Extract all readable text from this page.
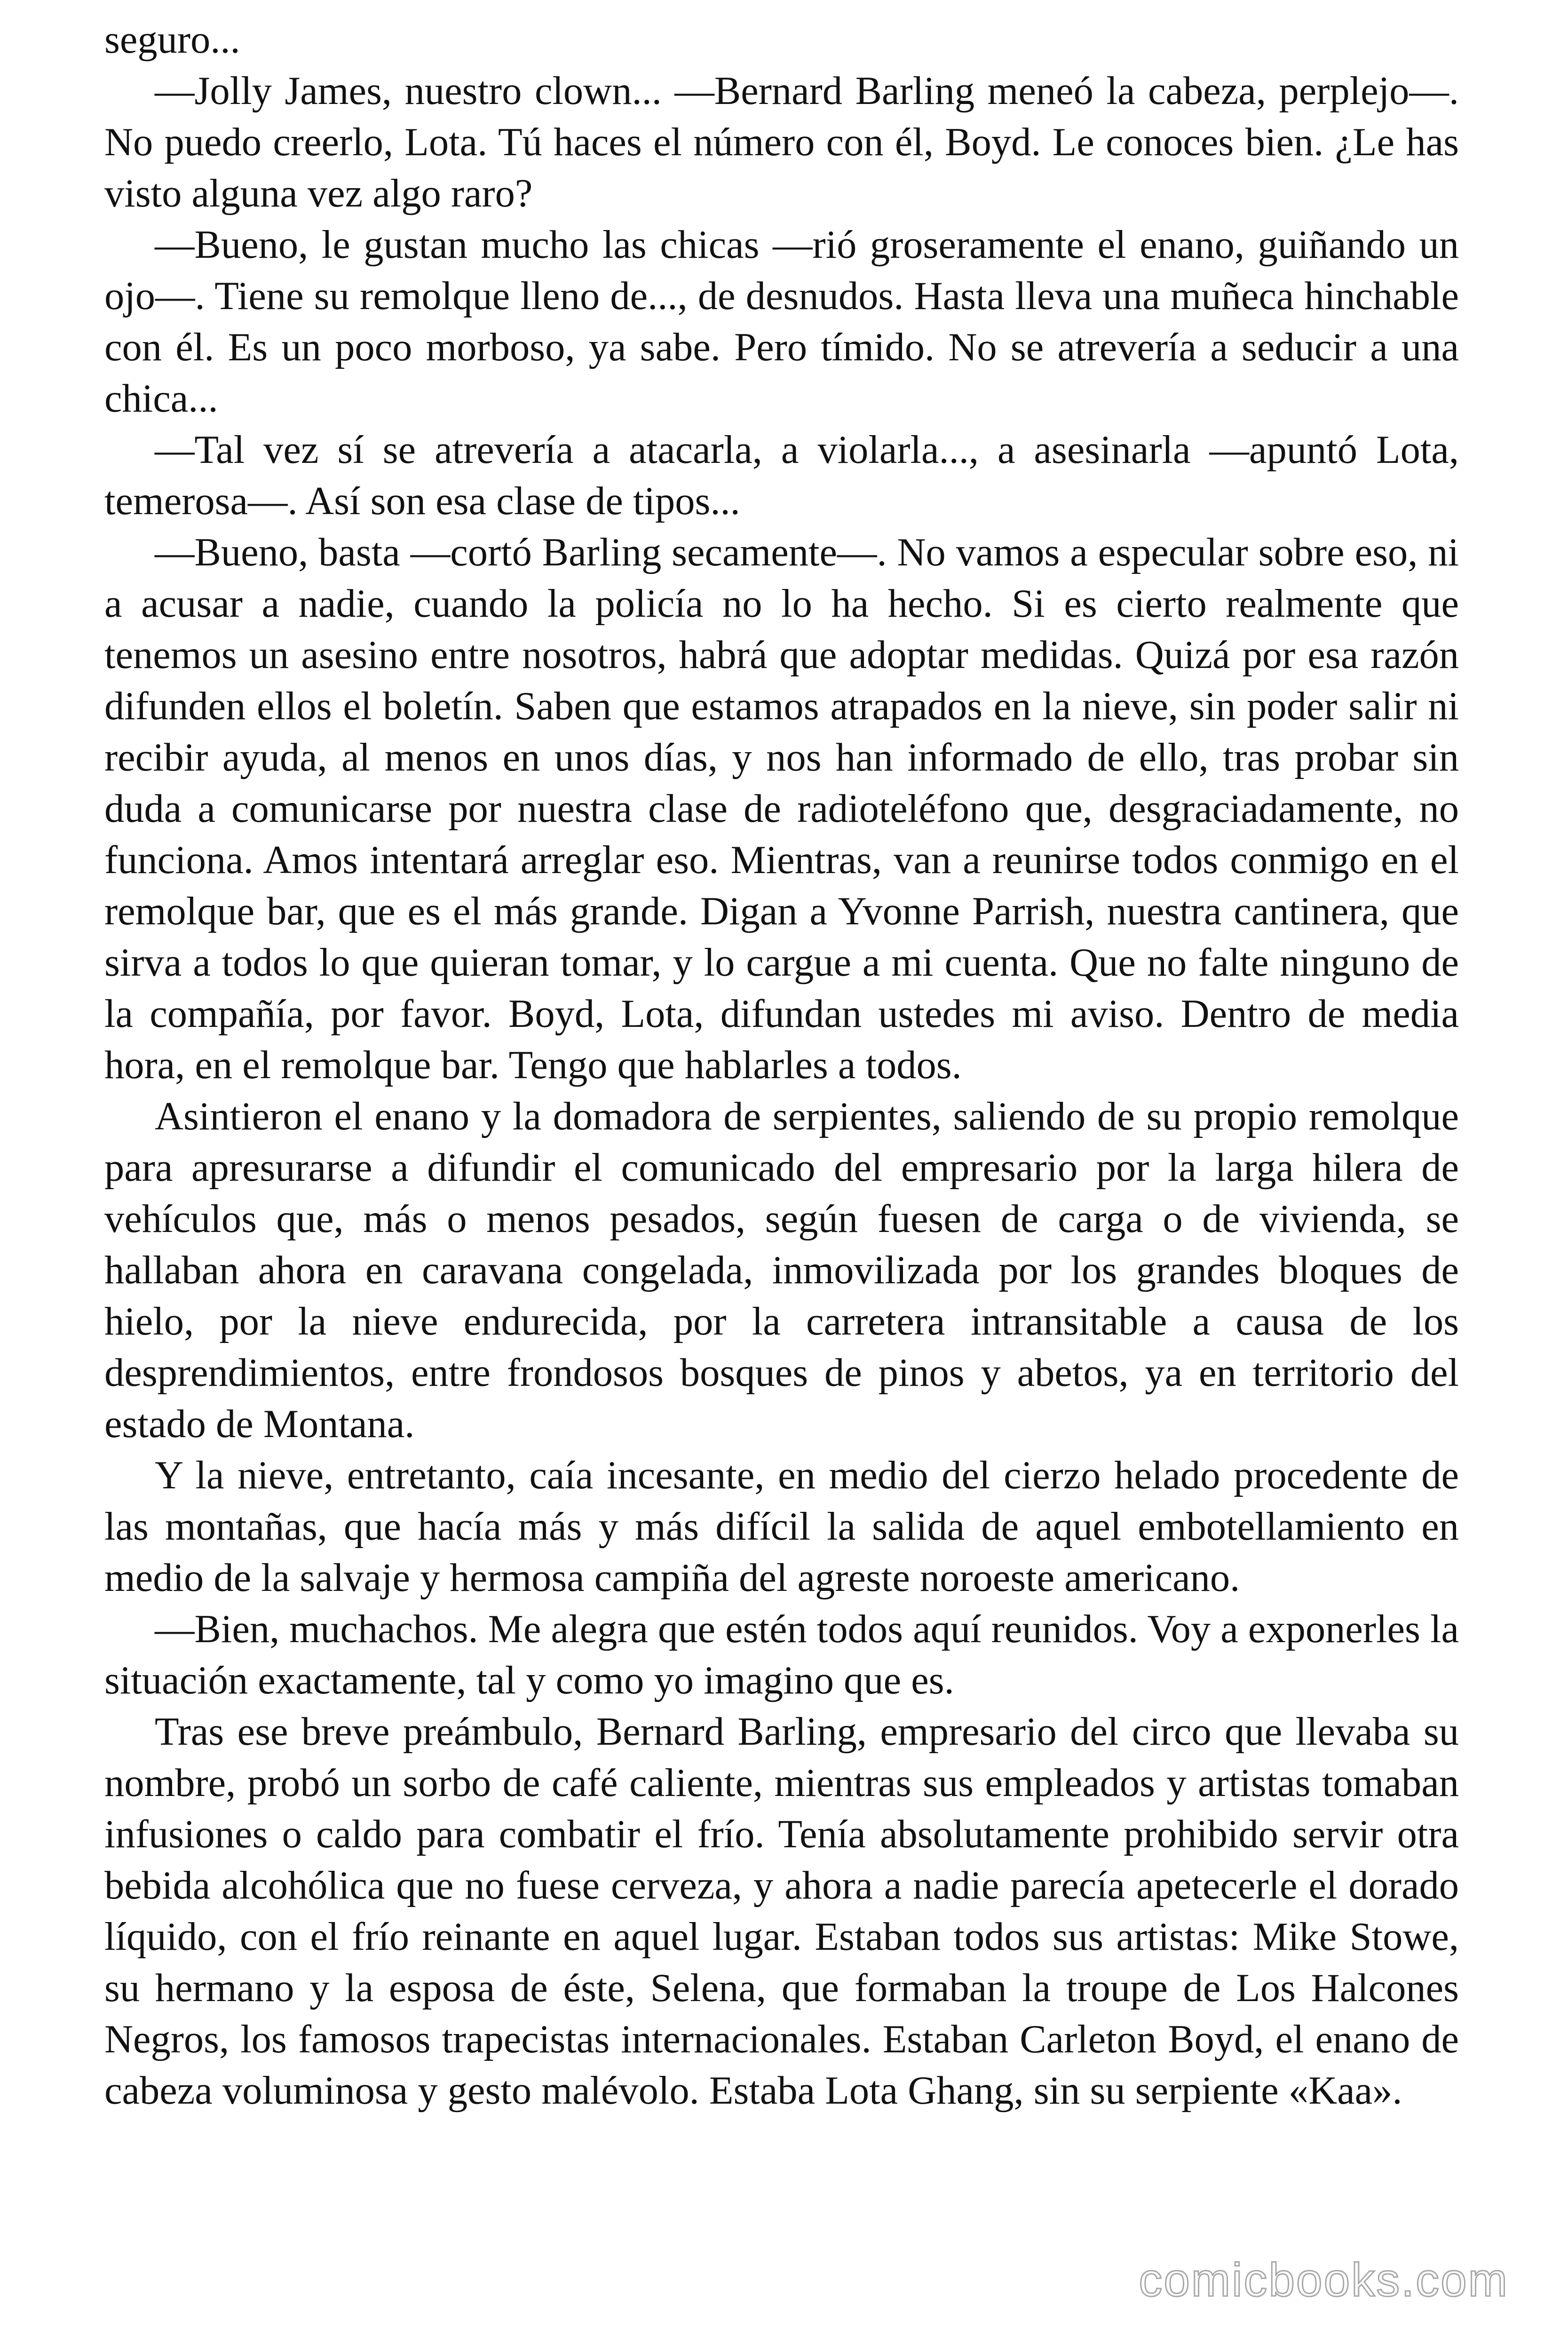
seguro...

—Jolly James, nuestro clown... —Bernard Barling meneó la cabeza, perplejo—. No puedo creerlo, Lota. Tú haces el número con él, Boyd. Le conoces bien. ¿Le has visto alguna vez algo raro?

—Bueno, le gustan mucho las chicas —rió groseramente el enano, guiñando un ojo—. Tiene su remolque lleno de..., de desnudos. Hasta lleva una muñeca hinchable con él. Es un poco morboso, ya sabe. Pero tímido. No se atrevería a seducir a una chica...

—Tal vez sí se atrevería a atacarla, a violarla..., a asesinarla —apuntó Lota, temerosa—. Así son esa clase de tipos...

—Bueno, basta —cortó Barling secamente—. No vamos a especular sobre eso, ni a acusar a nadie, cuando la policía no lo ha hecho. Si es cierto realmente que tenemos un asesino entre nosotros, habrá que adoptar medidas. Quizá por esa razón difunden ellos el boletín. Saben que estamos atrapados en la nieve, sin poder salir ni recibir ayuda, al menos en unos días, y nos han informado de ello, tras probar sin duda a comunicarse por nuestra clase de radioteléfono que, desgraciadamente, no funciona. Amos intentará arreglar eso. Mientras, van a reunirse todos conmigo en el remolque bar, que es el más grande. Digan a Yvonne Parrish, nuestra cantinera, que sirva a todos lo que quieran tomar, y lo cargue a mi cuenta. Que no falte ninguno de la compañía, por favor. Boyd, Lota, difundan ustedes mi aviso. Dentro de media hora, en el remolque bar. Tengo que hablarles a todos.

Asintieron el enano y la domadora de serpientes, saliendo de su propio remolque para apresurarse a difundir el comunicado del empresario por la larga hilera de vehículos que, más o menos pesados, según fuesen de carga o de vivienda, se hallaban ahora en caravana congelada, inmovilizada por los grandes bloques de hielo, por la nieve endurecida, por la carretera intransitable a causa de los desprendimientos, entre frondosos bosques de pinos y abetos, ya en territorio del estado de Montana.

Y la nieve, entretanto, caía incesante, en medio del cierzo helado procedente de las montañas, que hacía más y más difícil la salida de aquel embotellamiento en medio de la salvaje y hermosa campiña del agreste noroeste americano.

—Bien, muchachos. Me alegra que estén todos aquí reunidos. Voy a exponerles la situación exactamente, tal y como yo imagino que es.

Tras ese breve preámbulo, Bernard Barling, empresario del circo que llevaba su nombre, probó un sorbo de café caliente, mientras sus empleados y artistas tomaban infusiones o caldo para combatir el frío. Tenía absolutamente prohibido servir otra bebida alcohólica que no fuese cerveza, y ahora a nadie parecía apetecerle el dorado líquido, con el frío reinante en aquel lugar. Estaban todos sus artistas: Mike Stowe, su hermano y la esposa de éste, Selena, que formaban la troupe de Los Halcones Negros, los famosos trapecistas internacionales. Estaban Carleton Boyd, el enano de cabeza voluminosa y gesto malévolo. Estaba Lota Ghang, sin su serpiente «Kaa».

comicbooks.com
